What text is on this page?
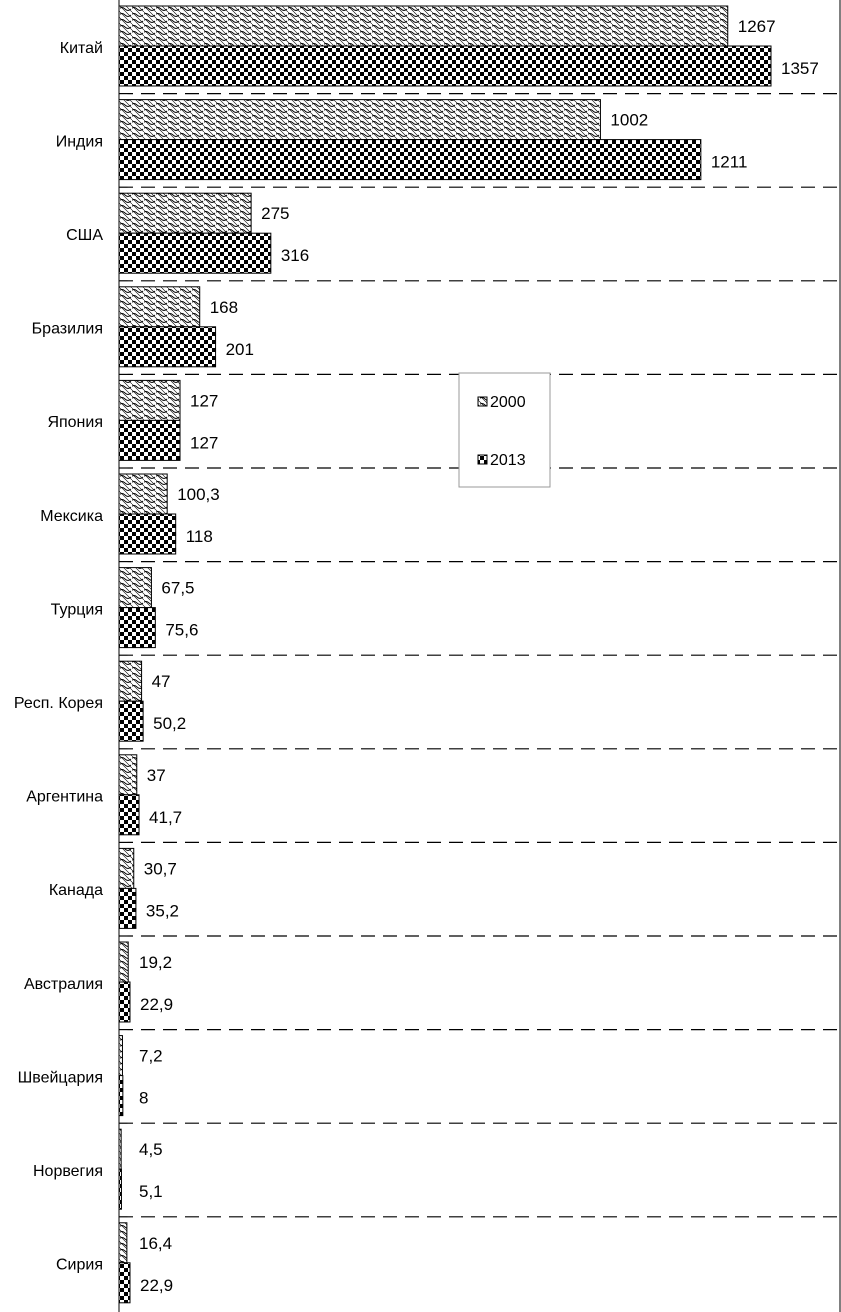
Китай
Индия
США
Бразилия
Япония
Мексика
Турция
Респ. Корея
Аргентина
Канада
Австралия
Швейцария
Норвегия
Сирия
1267
1357
1002
1211
275
316
168
201
127
127
100,3
118
67,5
75,6
47
50,2
37
41,7
30,7
35,2
19,2
22,9
7,2
8
4,5
5,1
16,4
22,9
2000
2013
